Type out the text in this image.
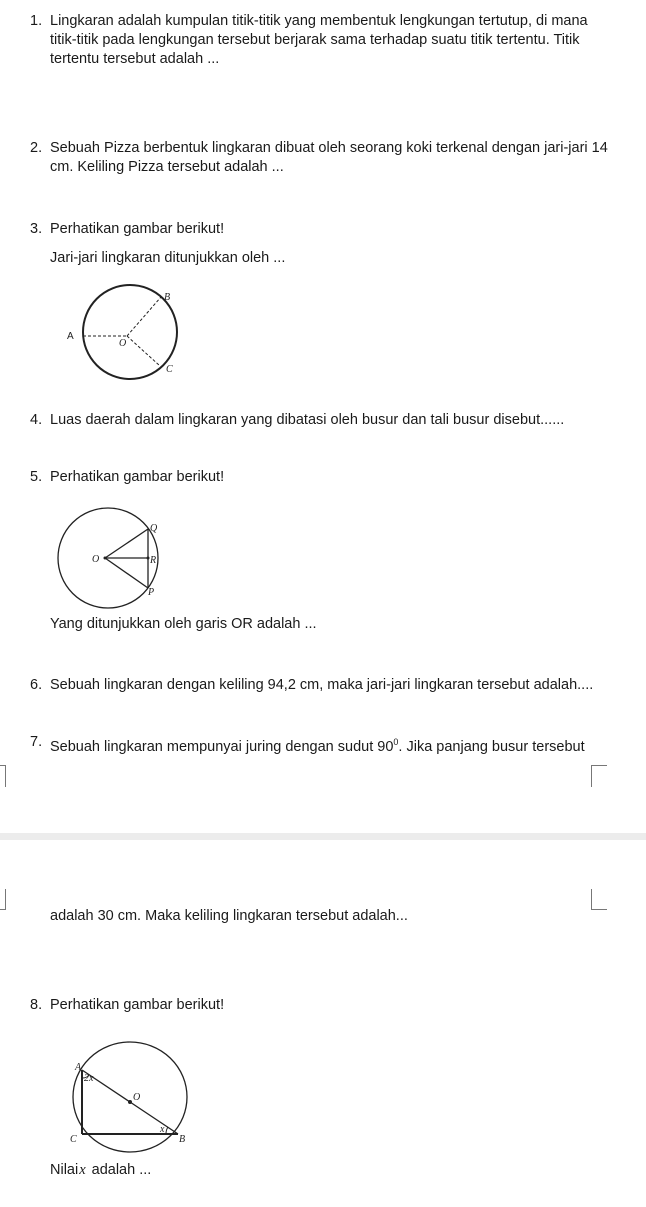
1. Lingkaran adalah kumpulan titik-titik yang membentuk lengkungan tertutup, di mana titik-titik pada lengkungan tersebut berjarak sama terhadap suatu titik tertentu. Titik tertentu tersebut adalah ...
2. Sebuah Pizza berbentuk lingkaran dibuat oleh seorang koki terkenal dengan jari-jari 14 cm. Keliling Pizza tersebut adalah ...
3. Perhatikan gambar berikut!
Jari-jari lingkaran ditunjukkan oleh ...
A
B
C
O
4. Luas daerah dalam lingkaran yang dibatasi oleh busur dan tali busur disebut......
5. Perhatikan gambar berikut!
Q
O	R
P
Yang ditunjukkan oleh garis OR adalah ...
6. Sebuah lingkaran dengan keliling 94,2 cm, maka jari-jari lingkaran tersebut adalah....
7. Sebuah lingkaran mempunyai juring dengan sudut $90^0$. Jika panjang busur tersebut
adalah 30 cm. Maka keliling lingkaran tersebut adalah...
8. Perhatikan gambar berikut!
A
2x
O
C
x
B
Nilaix adalah ...
